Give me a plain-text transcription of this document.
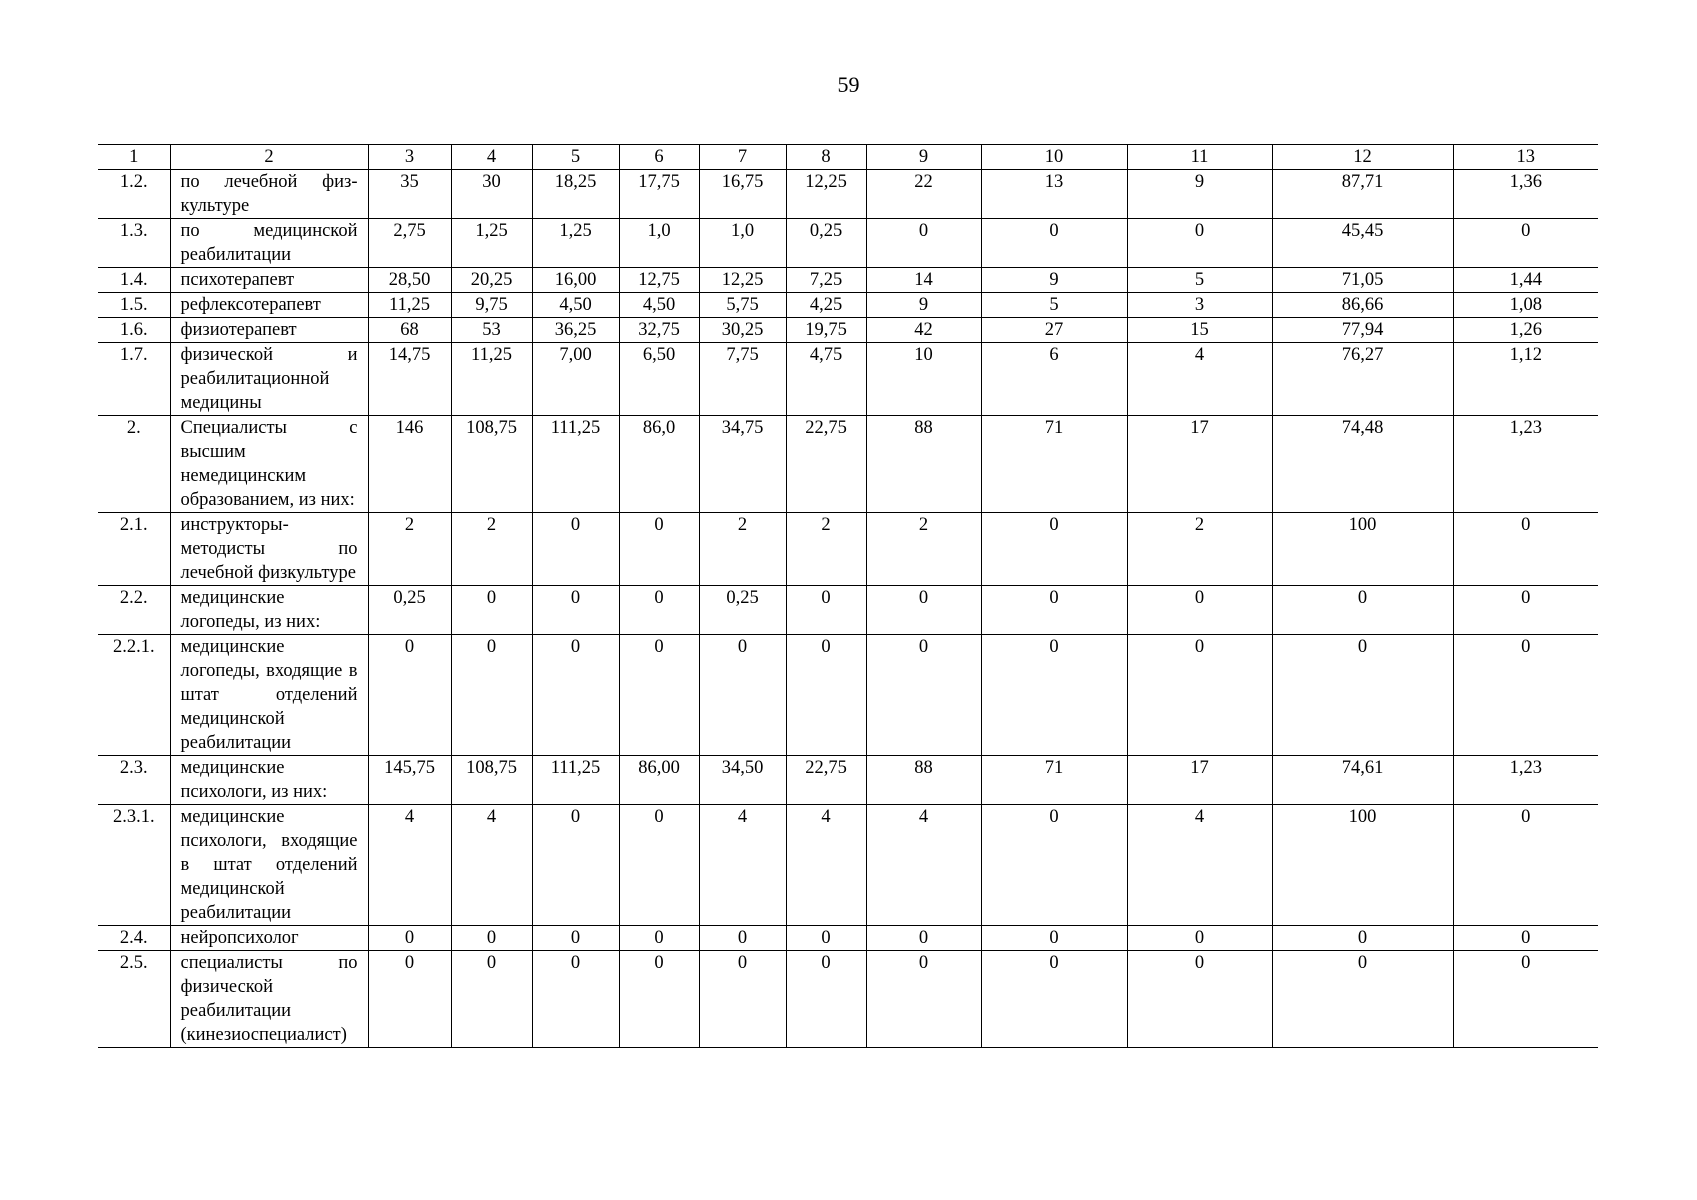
59
1	2	3	4	5	6	7	8	9	10	11	12	13
1.2.	по лечебной физ-культуре	35	30	18,25	17,75	16,75	12,25	22	13	9	87,71	1,36
1.3.	по медицинской реабилитации	2,75	1,25	1,25	1,0	1,0	0,25	0	0	0	45,45	0
1.4.	психотерапевт	28,50	20,25	16,00	12,75	12,25	7,25	14	9	5	71,05	1,44
1.5.	рефлексотерапевт	11,25	9,75	4,50	4,50	5,75	4,25	9	5	3	86,66	1,08
1.6.	физиотерапевт	68	53	36,25	32,75	30,25	19,75	42	27	15	77,94	1,26
1.7.	физической и реабилитационной медицины	14,75	11,25	7,00	6,50	7,75	4,75	10	6	4	76,27	1,12
2.	Специалисты с высшим немедицинским образованием, из них:	146	108,75	111,25	86,0	34,75	22,75	88	71	17	74,48	1,23
2.1.	инструкторы-методисты по лечебной физкультуре	2	2	0	0	2	2	2	0	2	100	0
2.2.	медицинские логопеды, из них:	0,25	0	0	0	0,25	0	0	0	0	0	0
2.2.1.	медицинские логопеды, входящие в штат отделений медицинской реабилитации	0	0	0	0	0	0	0	0	0	0	0
2.3.	медицинские психологи, из них:	145,75	108,75	111,25	86,00	34,50	22,75	88	71	17	74,61	1,23
2.3.1.	медицинские психологи, входящие в штат отделений медицинской реабилитации	4	4	0	0	4	4	4	0	4	100	0
2.4.	нейропсихолог	0	0	0	0	0	0	0	0	0	0	0
2.5.	специалисты по физической реабилитации (кинезиоспециалист)	0	0	0	0	0	0	0	0	0	0	0
